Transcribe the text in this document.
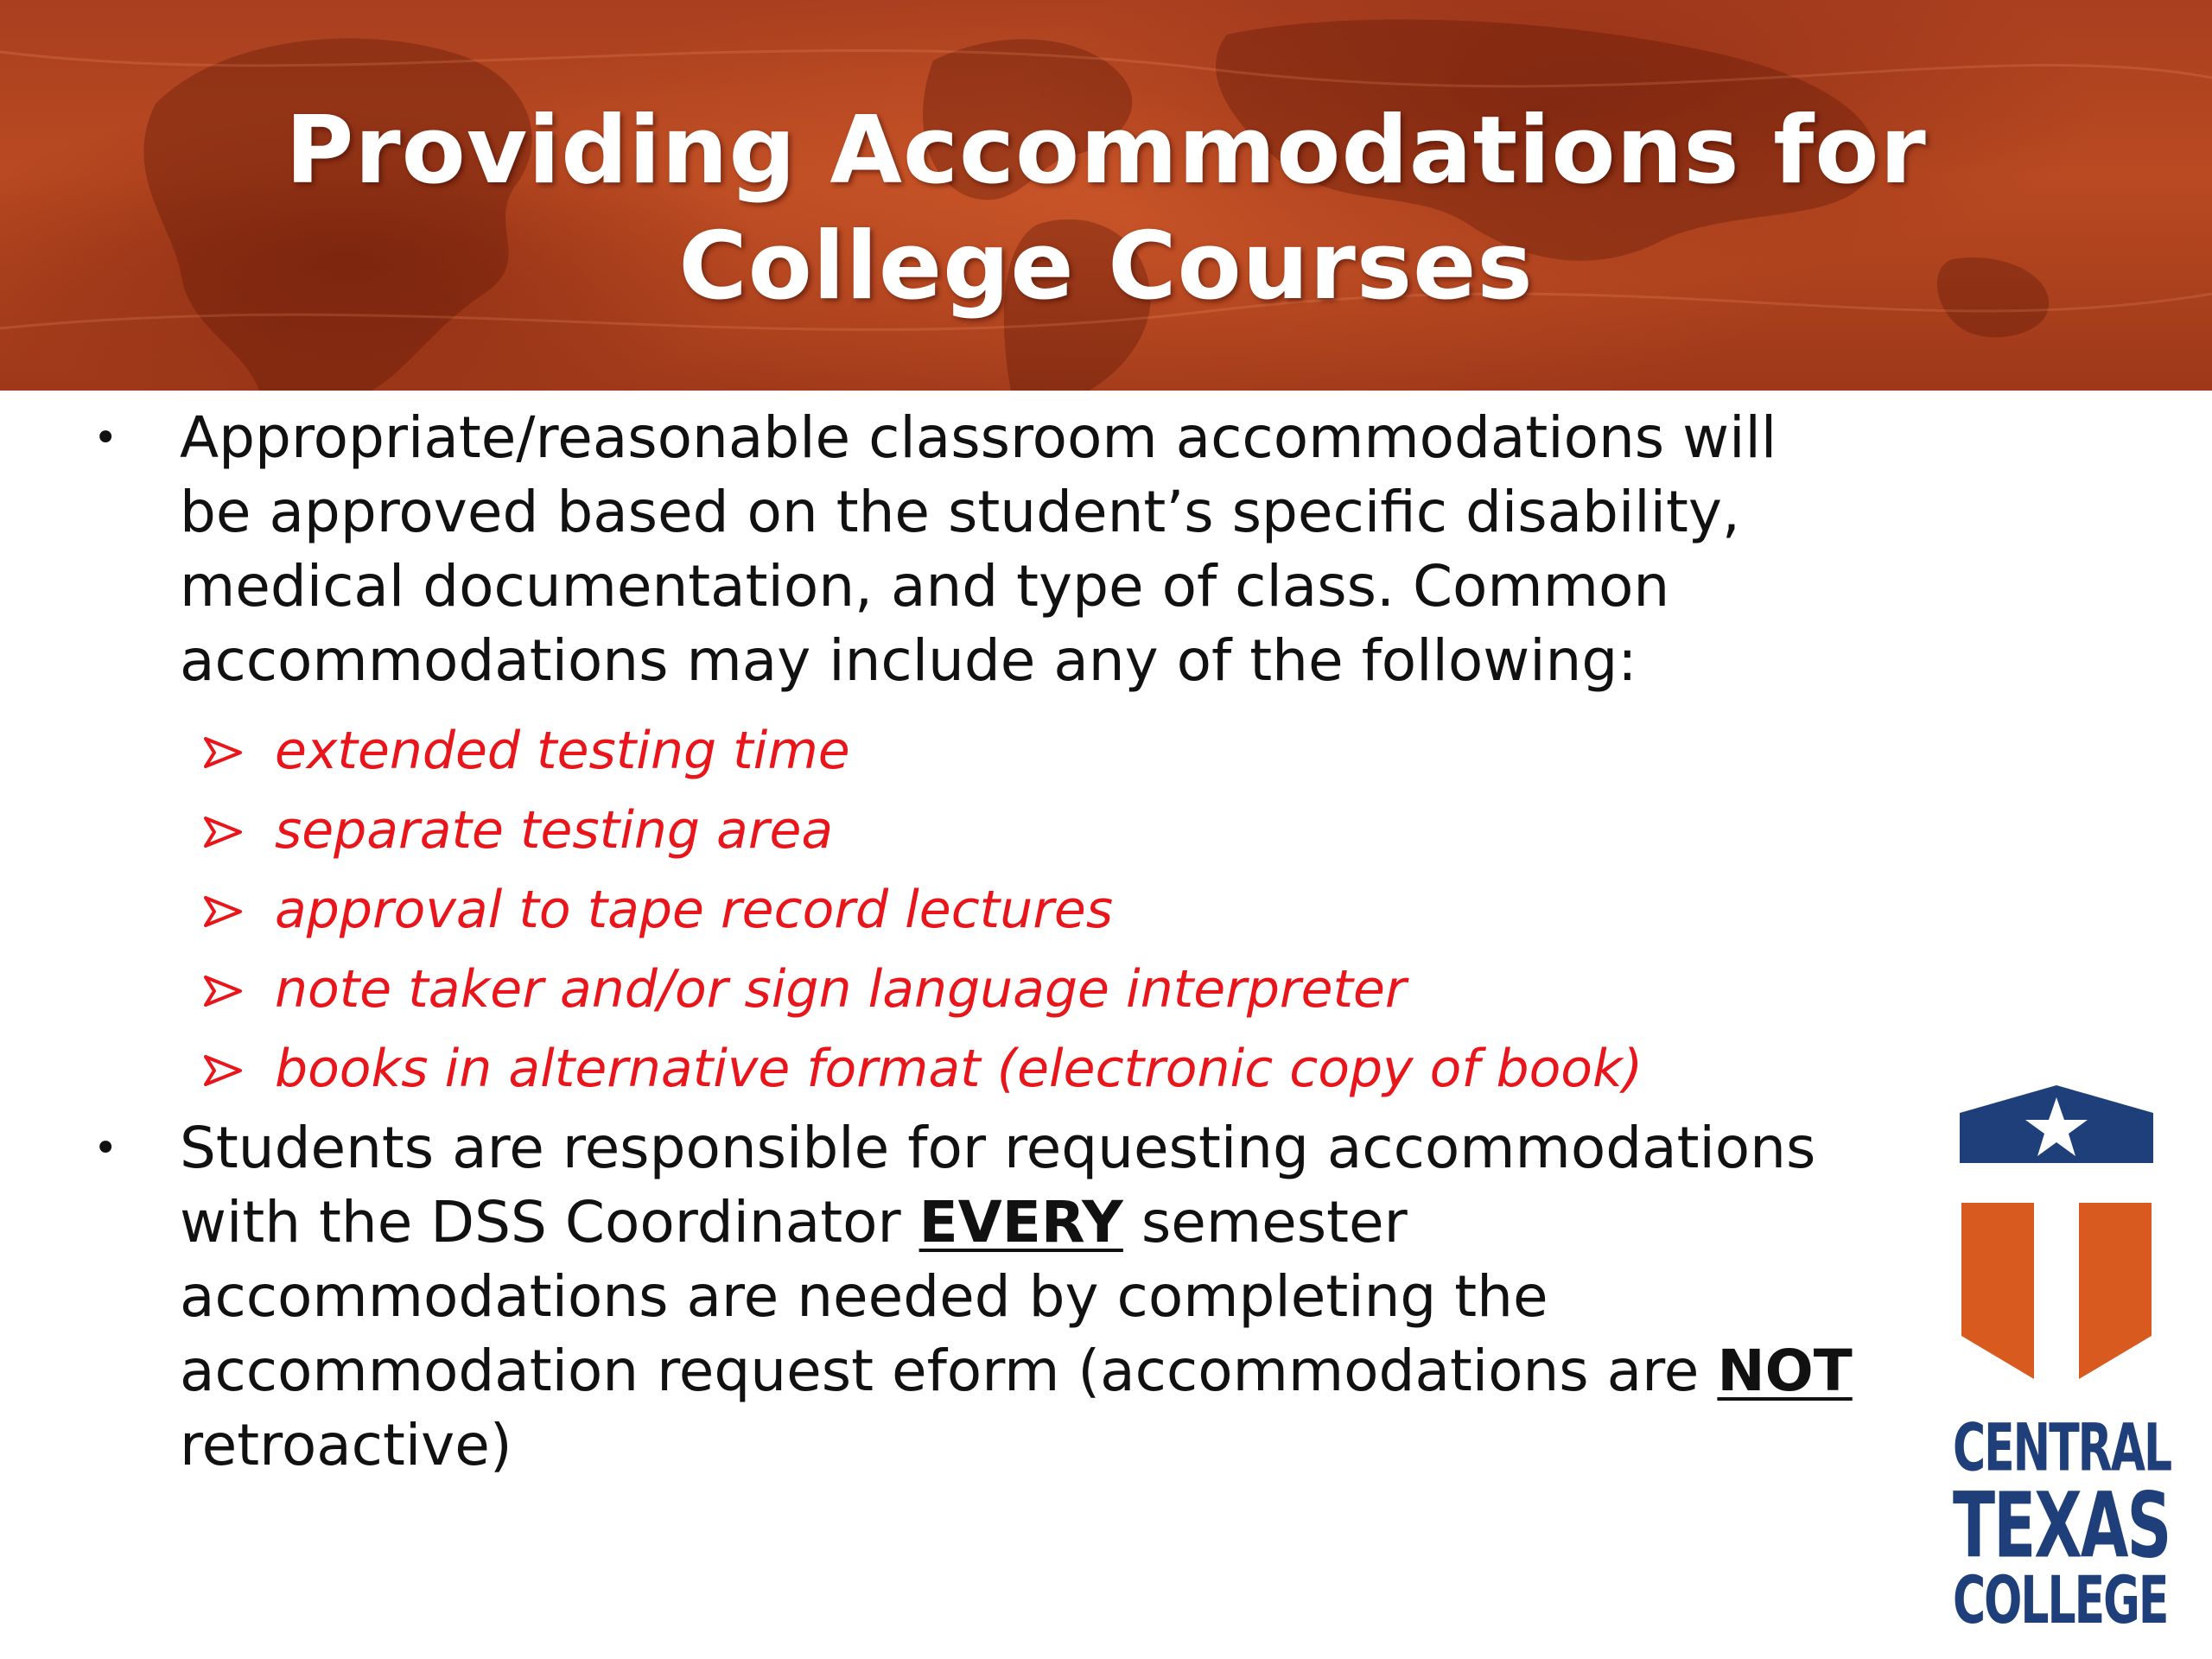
Providing Accommodations for
College Courses
• Appropriate/reasonable classroom accommodations will
be approved based on the student’s specific disability,
medical documentation, and type of class. Common
accommodations may include any of the following:
extended testing time
separate testing area
approval to tape record lectures
note taker and/or sign language interpreter
books in alternative format (electronic copy of book)
• Students are responsible for requesting accommodations
with the DSS Coordinator EVERY semester
accommodations are needed by completing the
accommodation request eform (accommodations are NOT
retroactive)	CENTRAL
TEXAS
COLLEGE
